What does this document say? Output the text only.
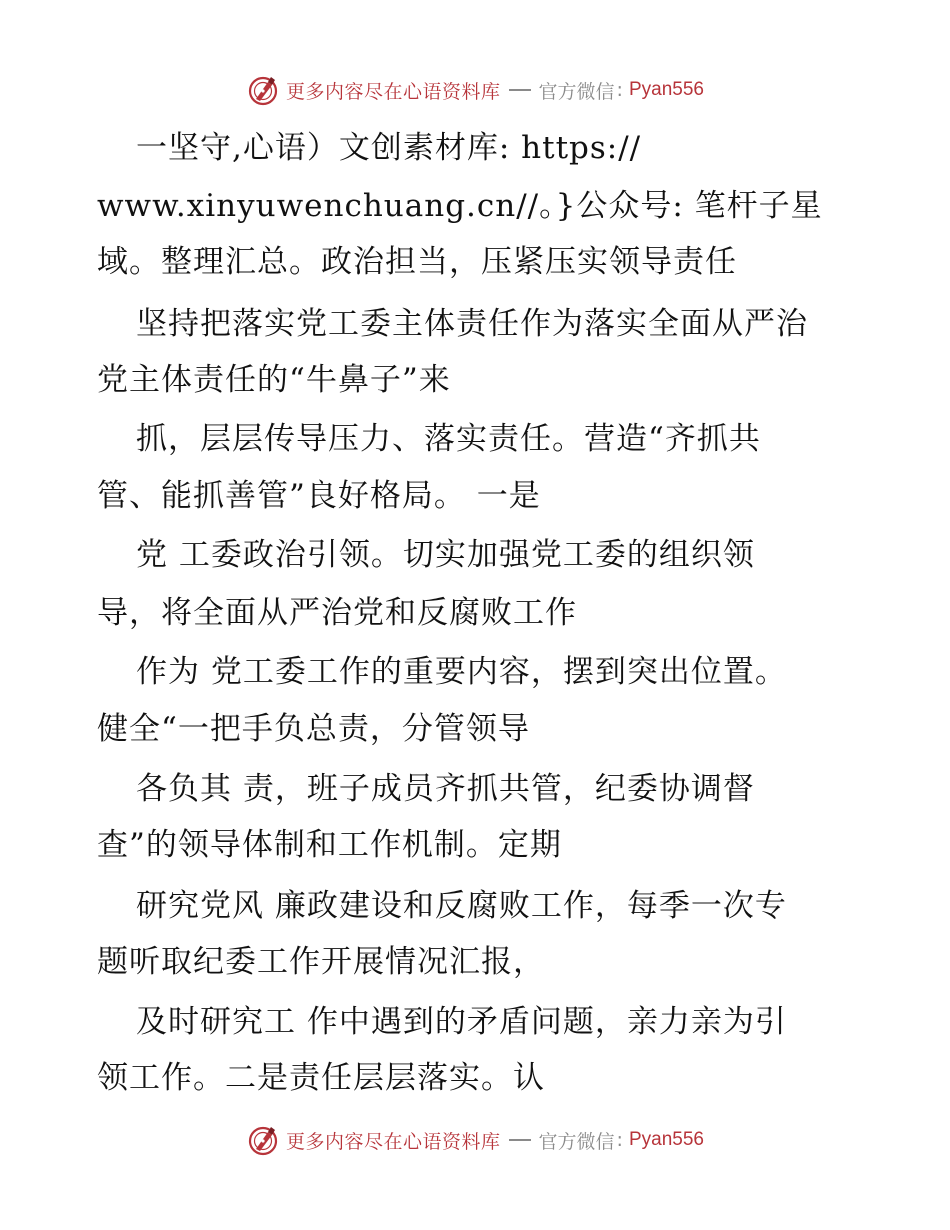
更多内容尽在心语资料库 官方微信 : Pyan556
一坚守,心语）文创素材库: https://
www.xinyuwenchuang.cn//。}公众号: 笔杆子星
域。整理汇总。政治担当，压紧压实领导责任
坚持把落实党工委主体责任作为落实全面从严治
党主体责任的“牛鼻子”来
抓，层层传导压力、落实责任。营造“齐抓共
管、能抓善管”良好格局。 一是
党 工委政治引领。切实加强党工委的组织领
导，将全面从严治党和反腐败工作
作为 党工委工作的重要内容，摆到突出位置。
健全“一把手负总责，分管领导
各负其 责，班子成员齐抓共管，纪委协调督
查”的领导体制和工作机制。定期
研究党风 廉政建设和反腐败工作，每季一次专
题听取纪委工作开展情况汇报，
及时研究工 作中遇到的矛盾问题，亲力亲为引
领工作。二是责任层层落实。认
更多内容尽在心语资料库 官方微信 : Pyan556
